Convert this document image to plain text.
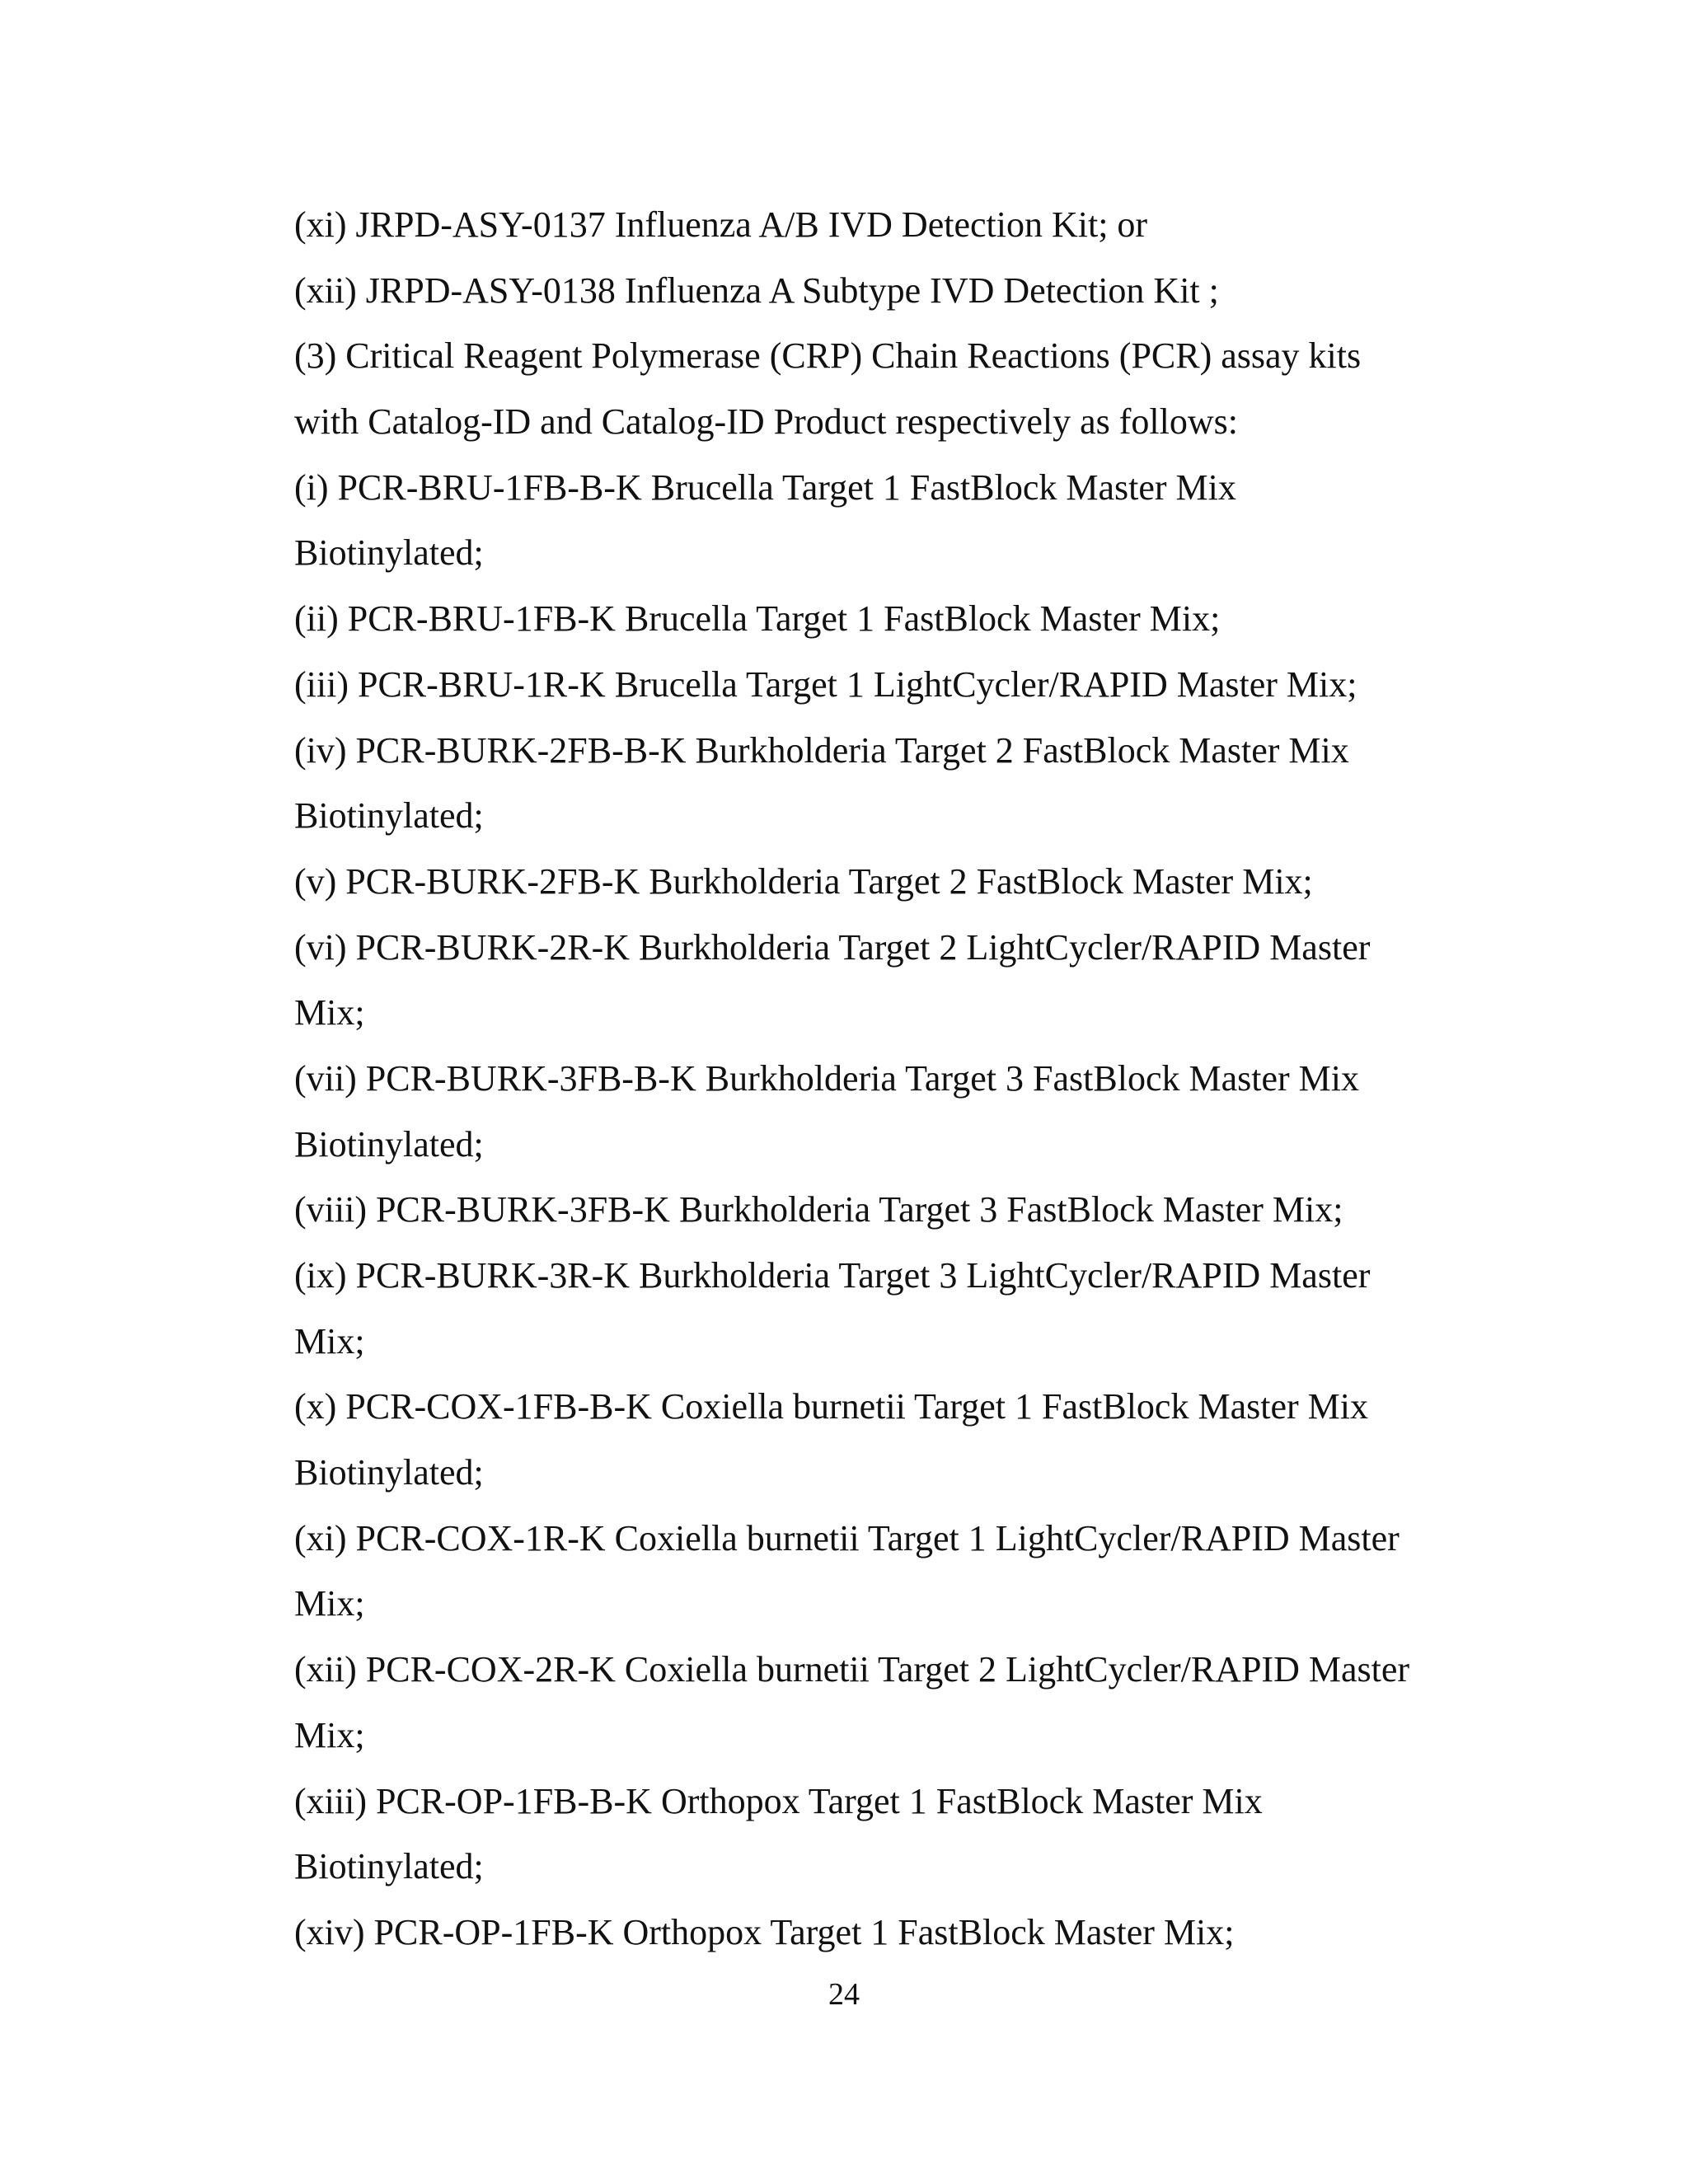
(xi) JRPD-ASY-0137 Influenza A/B IVD Detection Kit; or
(xii) JRPD-ASY-0138 Influenza A Subtype IVD Detection Kit ;
(3) Critical Reagent Polymerase (CRP) Chain Reactions (PCR) assay kits
with Catalog-ID and Catalog-ID Product respectively as follows:
(i) PCR-BRU-1FB-B-K Brucella Target 1 FastBlock Master Mix
Biotinylated;
(ii) PCR-BRU-1FB-K Brucella Target 1 FastBlock Master Mix;
(iii) PCR-BRU-1R-K Brucella Target 1 LightCycler/RAPID Master Mix;
(iv) PCR-BURK-2FB-B-K Burkholderia Target 2 FastBlock Master Mix
Biotinylated;
(v) PCR-BURK-2FB-K Burkholderia Target 2 FastBlock Master Mix;
(vi) PCR-BURK-2R-K Burkholderia Target 2 LightCycler/RAPID Master
Mix;
(vii) PCR-BURK-3FB-B-K Burkholderia Target 3 FastBlock Master Mix
Biotinylated;
(viii) PCR-BURK-3FB-K Burkholderia Target 3 FastBlock Master Mix;
(ix) PCR-BURK-3R-K Burkholderia Target 3 LightCycler/RAPID Master
Mix;
(x) PCR-COX-1FB-B-K Coxiella burnetii Target 1 FastBlock Master Mix
Biotinylated;
(xi) PCR-COX-1R-K Coxiella burnetii Target 1 LightCycler/RAPID Master
Mix;
(xii) PCR-COX-2R-K Coxiella burnetii Target 2 LightCycler/RAPID Master
Mix;
(xiii) PCR-OP-1FB-B-K Orthopox Target 1 FastBlock Master Mix
Biotinylated;
(xiv) PCR-OP-1FB-K Orthopox Target 1 FastBlock Master Mix;
24
